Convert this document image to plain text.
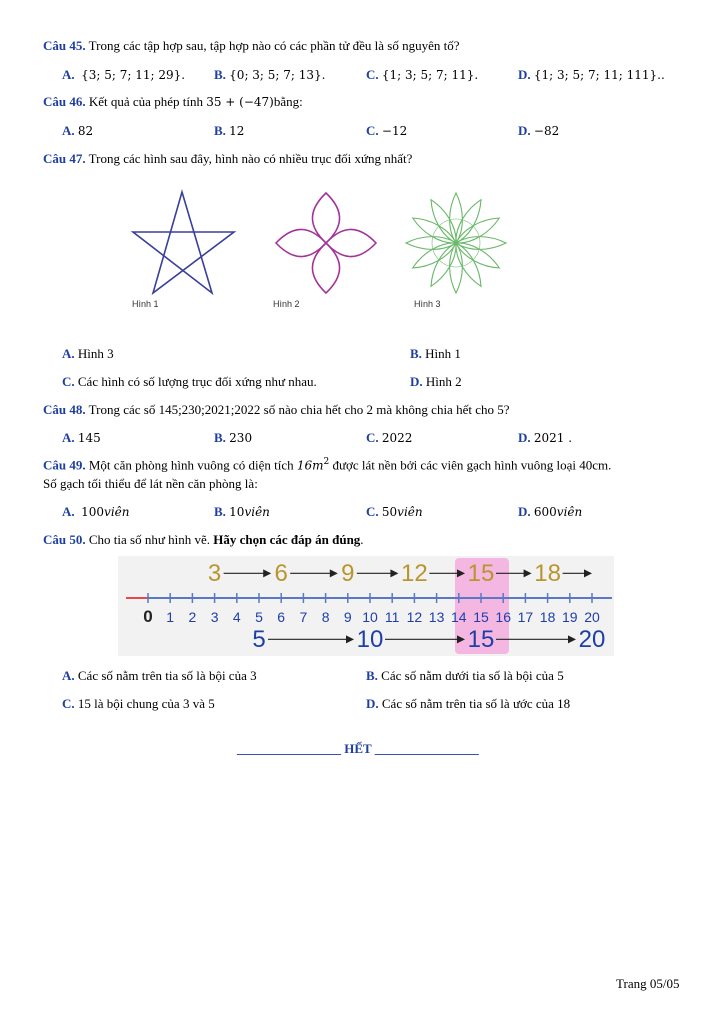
Câu 45. Trong các tập hợp sau, tập hợp nào có các phần tử đều là số nguyên tố?
A. {3; 5; 7; 11; 29}. B. {0; 3; 5; 7; 13}.	C. {1; 3; 5; 7; 11}.	D. {1; 3; 5; 7; 11; 111}..
Câu 46. Kết quả của phép tính 35 + (−47)bằng:
A. 82	B. 12	C. −12	D. −82
Câu 47. Trong các hình sau đây, hình nào có nhiều trục đối xứng nhất?
Hình 1	Hình 2	Hình 3
A. Hình 3	B. Hình 1
C. Các hình có số lượng trục đối xứng như nhau.	D. Hình 2
Câu 48. Trong các số 145;230;2021;2022 số nào chia hết cho 2 mà không chia hết cho 5?
A. 145	B. 230	C. 2022	D. 2021 .
Câu 49. Một căn phòng hình vuông có diện tích $16m^2$ được lát nền bởi các viên gạch hình vuông loại 40cm.
Số gạch tối thiểu để lát nền căn phòng là:
A. 100viên	B. 10viên	C. 50viên	D. 600viên
Câu 50. Cho tia số như hình vẽ. Hãy chọn các đáp án đúng.
0 1 2 3 4 5 6 7 8 9 10 11 12 13 14 15 16 17 18 19 20
3 6 9 12 15 18
5	10	15	20
A. Các số nằm trên tia số là bội của 3	B. Các số nằm dưới tia số là bội của 5
C. 15 là bội chung của 3 và 5	D. Các số nằm trên tia số là ước của 18
________________ HẾT ________________
Trang 05/05
